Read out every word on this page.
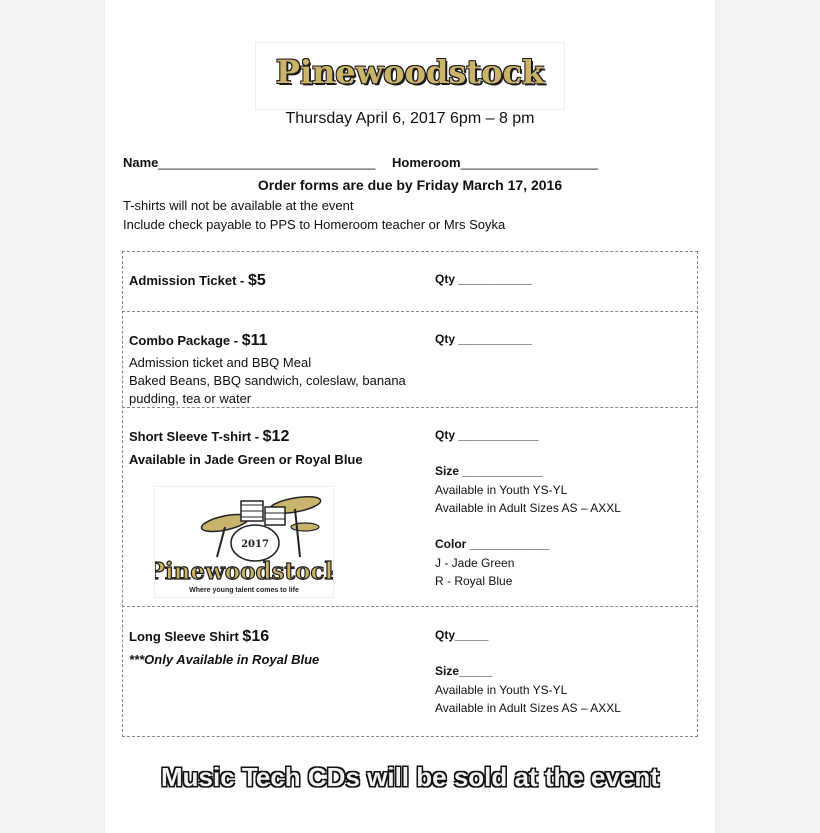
Pinewoodstock
Thursday April 6, 2017 6pm – 8 pm
Name______________________________ Homeroom___________________
Order forms are due by Friday March 17, 2016
T-shirts will not be available at the event
Include check payable to PPS to Homeroom teacher or Mrs Soyka
Admission Ticket - $5	Qty ___________
Combo Package - $11
Admission ticket and BBQ Meal
Baked Beans, BBQ sandwich, coleslaw, banana
pudding, tea or water
Qty ___________
Short Sleeve T-shirt - $12
Available in Jade Green or Royal Blue
Qty ____________
Size ____________
Available in Youth YS-YL
Available in Adult Sizes AS – AXXL
Color ____________
J - Jade Green
R - Royal Blue
2017
Pinewoodstock
Where young talent comes to life
Long Sleeve Shirt $16
***Only Available in Royal Blue
Qty_____
Size_____
Available in Youth YS-YL
Available in Adult Sizes AS – AXXL
Music Tech CDs will be sold at the event
